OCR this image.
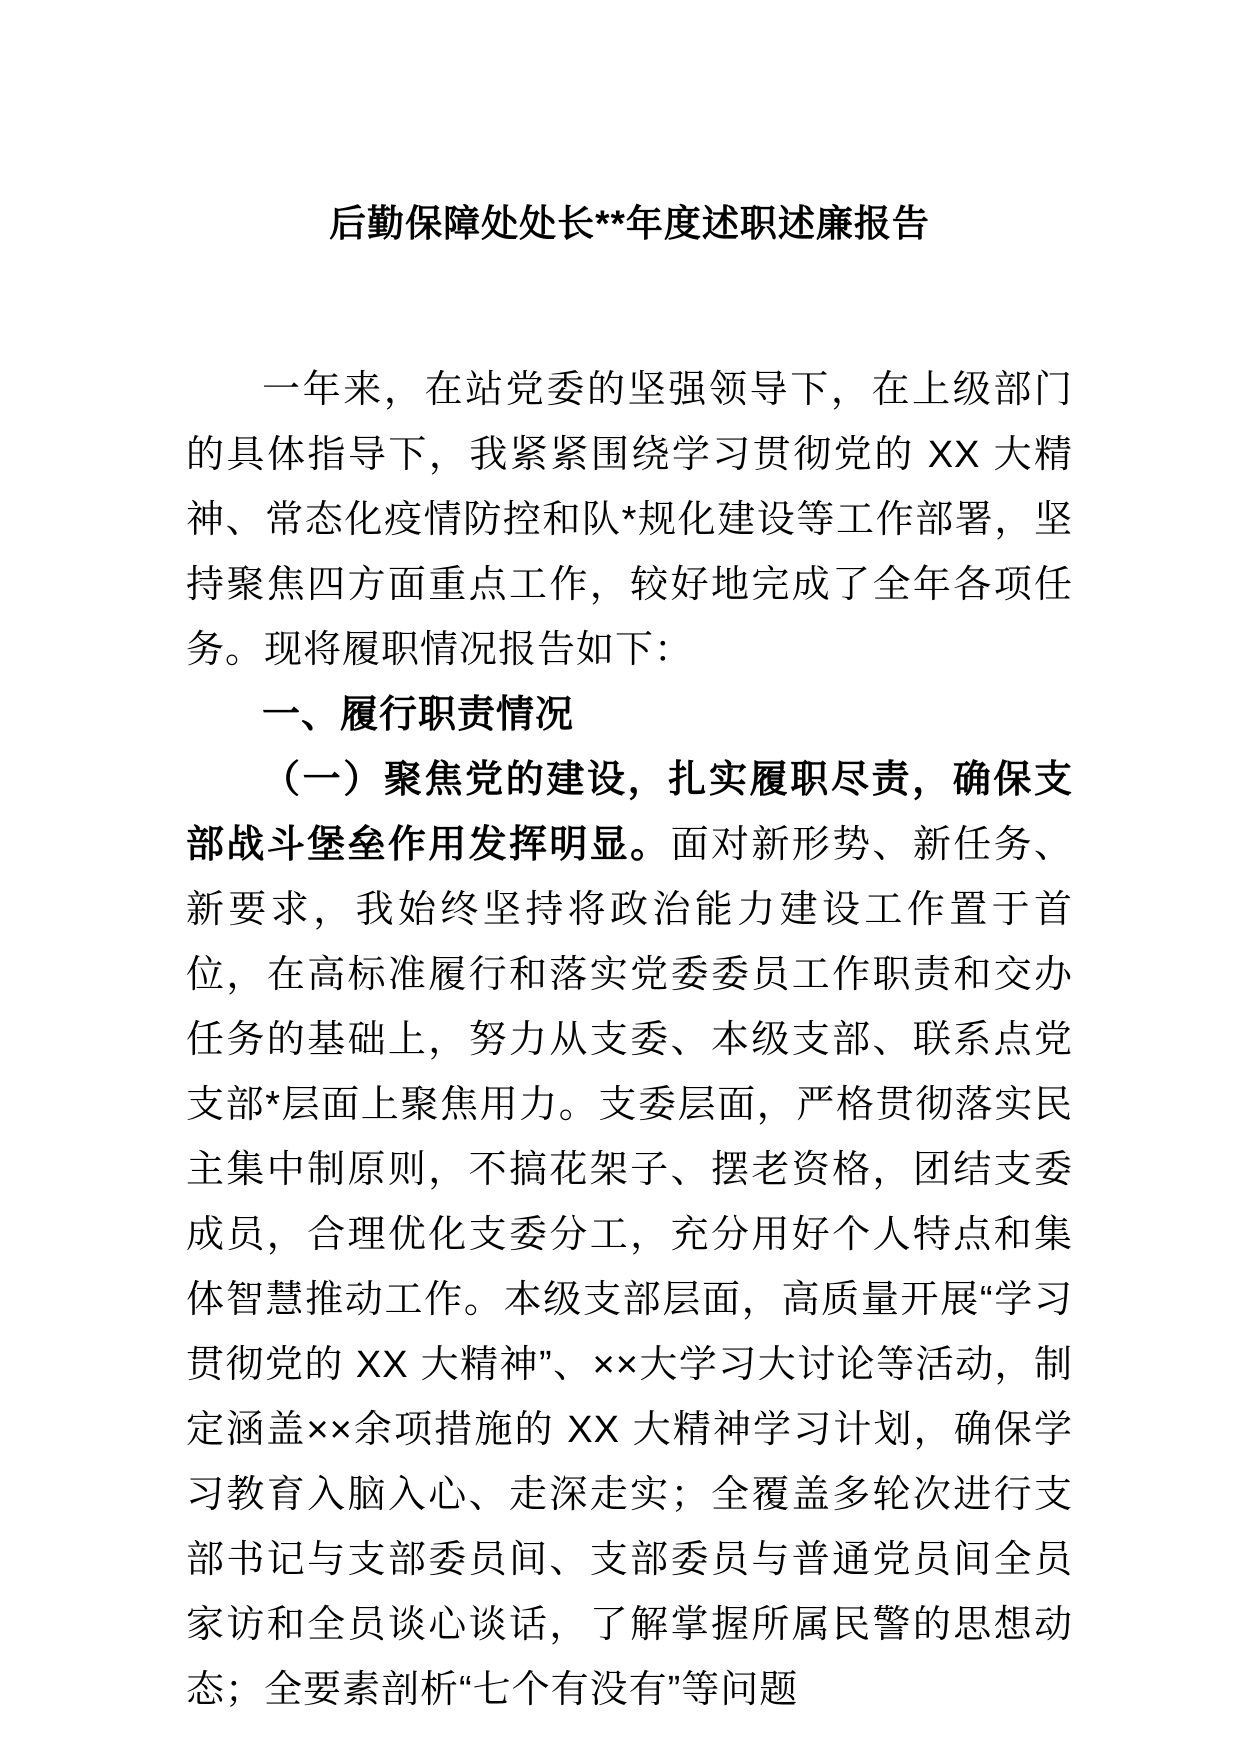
后勤保障处处长**年度述职述廉报告

一年来，在站党委的坚强领导下，在上级部门的具体指导下，我紧紧围绕学习贯彻党的 XX 大精神、常态化疫情防控和队*规化建设等工作部署，坚持聚焦四方面重点工作，较好地完成了全年各项任务。现将履职情况报告如下：

一、履行职责情况

（一）聚焦党的建设，扎实履职尽责，确保支部战斗堡垒作用发挥明显。面对新形势、新任务、新要求，我始终坚持将政治能力建设工作置于首位，在高标准履行和落实党委委员工作职责和交办任务的基础上，努力从支委、本级支部、联系点党支部*层面上聚焦用力。支委层面，严格贯彻落实民主集中制原则，不搞花架子、摆老资格，团结支委成员，合理优化支委分工，充分用好个人特点和集体智慧推动工作。本级支部层面，高质量开展“学习贯彻党的 XX 大精神”、××大学习大讨论等活动，制定涵盖××余项措施的 XX 大精神学习计划，确保学习教育入脑入心、走深走实；全覆盖多轮次进行支部书记与支部委员间、支部委员与普通党员间全员家访和全员谈心谈话，了解掌握所属民警的思想动态；全要素剖析“七个有没有”等问题
